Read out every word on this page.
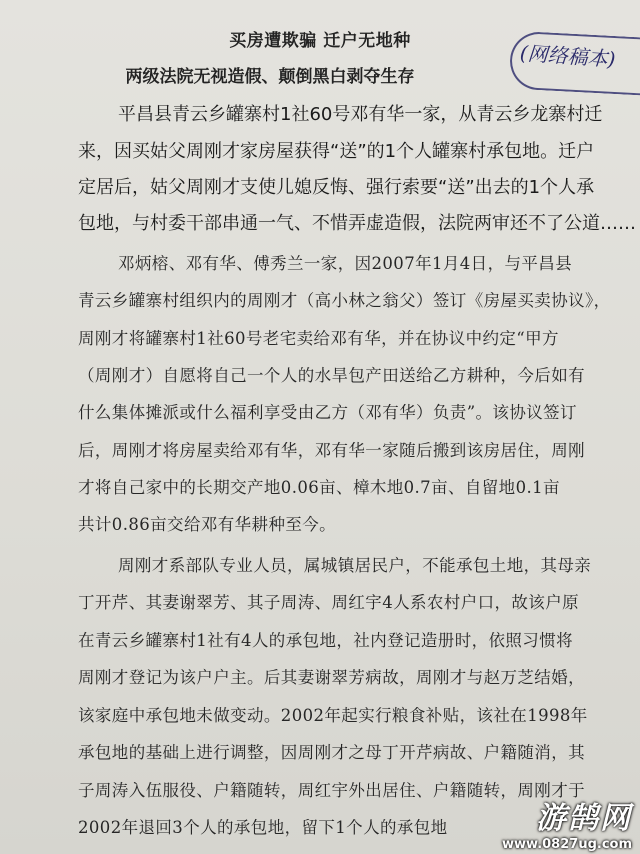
买房遭欺骗 迁户无地种
两级法院无视造假、颠倒黑白剥夺生存
(网络稿本)
平昌县青云乡罐寨村1社60号邓有华一家，从青云乡龙寨村迁
来，因买姑父周刚才家房屋获得“送”的1个人罐寨村承包地。迁户
定居后，姑父周刚才支使儿媳反悔、强行索要“送”出去的1个人承
包地，与村委干部串通一气、不惜弄虚造假，法院两审还不了公道……
邓炳榕、邓有华、傅秀兰一家，因2007年1月4日，与平昌县
青云乡罐寨村组织内的周刚才（高小林之翁父）签订《房屋买卖协议》，
周刚才将罐寨村1社60号老宅卖给邓有华，并在协议中约定“甲方
（周刚才）自愿将自己一个人的水旱包产田送给乙方耕种，今后如有
什么集体摊派或什么福利享受由乙方（邓有华）负责”。该协议签订
后，周刚才将房屋卖给邓有华，邓有华一家随后搬到该房居住，周刚
才将自己家中的长期交产地0.06亩、樟木地0.7亩、自留地0.1亩
共计0.86亩交给邓有华耕种至今。
周刚才系部队专业人员，属城镇居民户，不能承包土地，其母亲
丁开芹、其妻谢翠芳、其子周涛、周红宇4人系农村户口，故该户原
在青云乡罐寨村1社有4人的承包地，社内登记造册时，依照习惯将
周刚才登记为该户户主。后其妻谢翠芳病故，周刚才与赵万芝结婚，
该家庭中承包地未做变动。2002年起实行粮食补贴，该社在1998年
承包地的基础上进行调整，因周刚才之母丁开芹病故、户籍随消，其
子周涛入伍服役、户籍随转，周红宇外出居住、户籍随转，周刚才于
2002年退回3个人的承包地，留下1个人的承包地	游鹄网
www.0827ug.com
